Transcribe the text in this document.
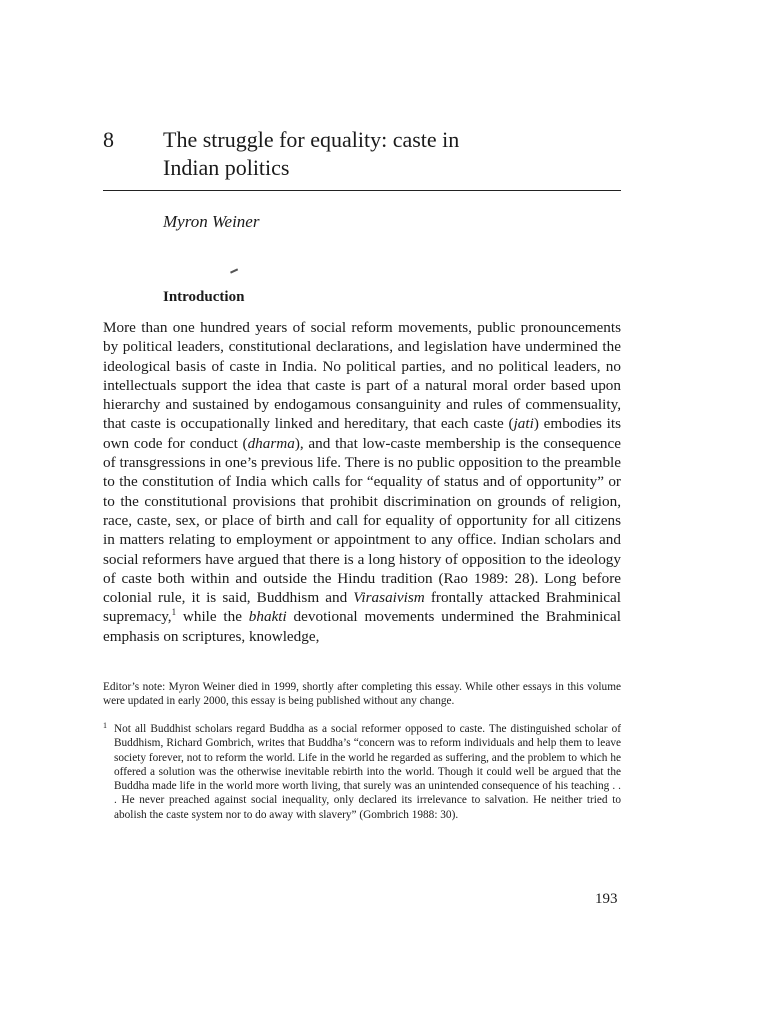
8 The struggle for equality: caste in
Indian politics
Myron Weiner
Introduction

More than one hundred years of social reform movements, public pronouncements by political leaders, constitutional declarations, and legislation have undermined the ideological basis of caste in India. No political parties, and no political leaders, no intellectuals support the idea that caste is part of a natural moral order based upon hierarchy and sustained by endogamous consanguinity and rules of commensuality, that caste is occupationally linked and hereditary, that each caste (jati) embodies its own code for conduct (dharma), and that low-caste membership is the consequence of transgressions in one’s previous life. There is no public opposition to the preamble to the constitution of India which calls for “equality of status and of opportunity” or to the constitutional provisions that prohibit discrimination on grounds of religion, race, caste, sex, or place of birth and call for equality of opportunity for all citizens in matters relating to employment or appointment to any office. Indian scholars and social reformers have argued that there is a long history of opposition to the ideology of caste both within and outside the Hindu tradition (Rao 1989: 28). Long before colonial rule, it is said, Buddhism and Virasaivism frontally attacked Brahminical supremacy,$^1$ while the bhakti devotional movements undermined the Brahminical emphasis on scriptures, knowledge,

Editor’s note: Myron Weiner died in 1999, shortly after completing this essay. While other essays in this volume were updated in early 2000, this essay is being published without any change.

1 Not all Buddhist scholars regard Buddha as a social reformer opposed to caste. The distinguished scholar of Buddhism, Richard Gombrich, writes that Buddha’s “concern was to reform individuals and help them to leave society forever, not to reform the world. Life in the world he regarded as suffering, and the problem to which he offered a solution was the otherwise inevitable rebirth into the world. Though it could well be argued that the Buddha made life in the world more worth living, that surely was an unintended consequence of his teaching . . . He never preached against social inequality, only declared its irrelevance to salvation. He neither tried to abolish the caste system nor to do away with slavery” (Gombrich 1988: 30).

193
